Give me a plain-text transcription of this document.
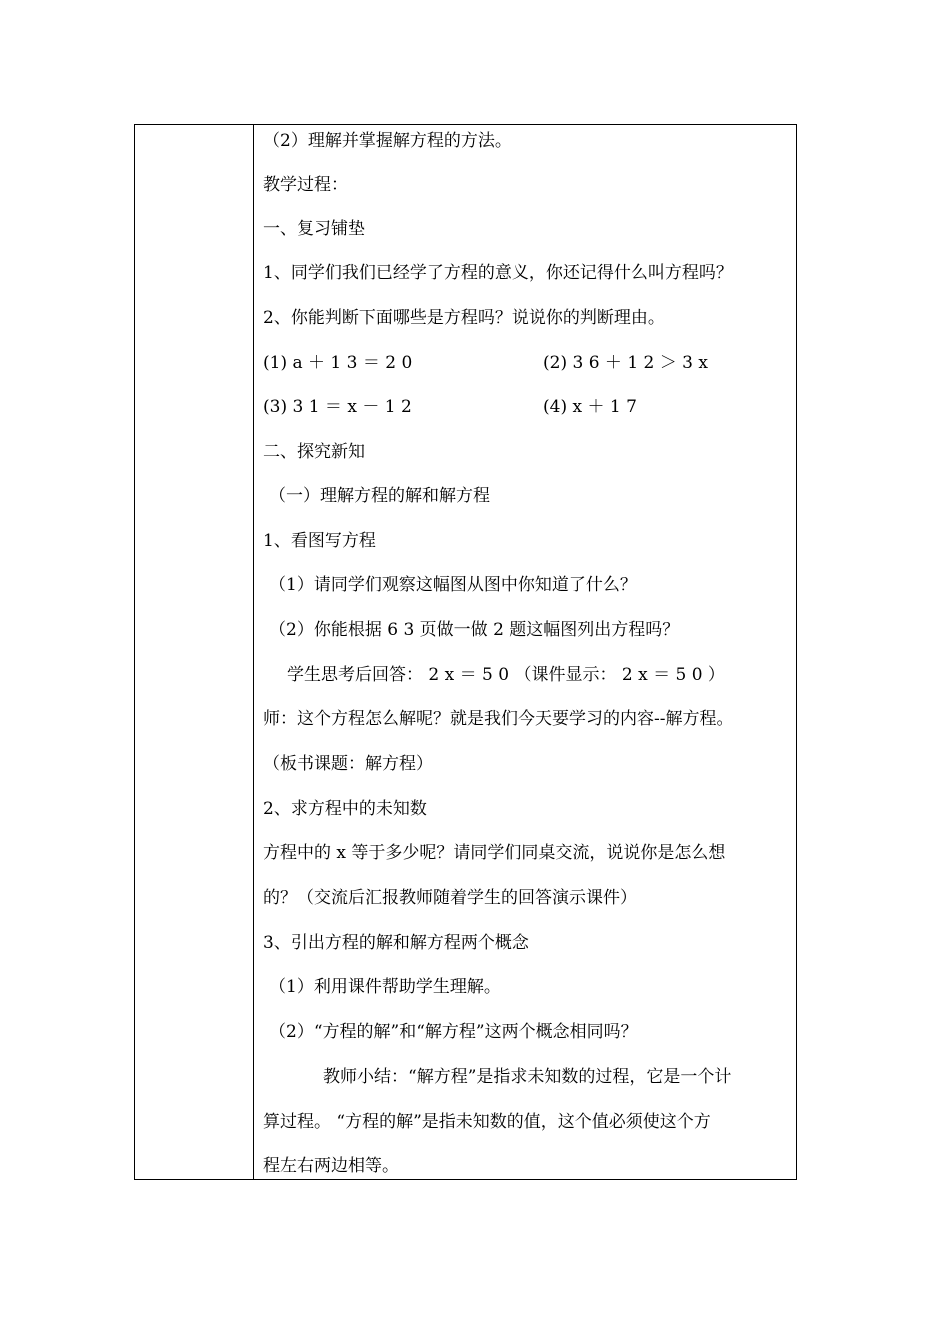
（2）理解并掌握解方程的方法。
教学过程：
一、复习铺垫
1、同学们我们已经学了方程的意义，你还记得什么叫方程吗？
2、你能判断下面哪些是方程吗？说说你的判断理由。
(1) a ＋ 1 3 ＝ 2 0	(2) 3 6 ＋ 1 2 ＞ 3 x
(3) 3 1 ＝ x － 1 2	(4) x ＋ 1 7
二、探究新知
（一）理解方程的解和解方程
1、看图写方程
（1）请同学们观察这幅图从图中你知道了什么？
（2）你能根据 6 3 页做一做 2 题这幅图列出方程吗？
学生思考后回答： 2 x ＝ 5 0 （课件显示： 2 x ＝ 5 0 ）
师：这个方程怎么解呢？就是我们今天要学习的内容--解方程。
（板书课题：解方程）
2、求方程中的未知数
方程中的 x 等于多少呢？请同学们同桌交流，说说你是怎么想
的？（交流后汇报教师随着学生的回答演示课件）
3、引出方程的解和解方程两个概念
（1）利用课件帮助学生理解。
（2）“方程的解”和“解方程”这两个概念相同吗？
教师小结：“解方程”是指求未知数的过程，它是一个计
算过程。 “方程的解”是指未知数的值，这个值必须使这个方
程左右两边相等。
